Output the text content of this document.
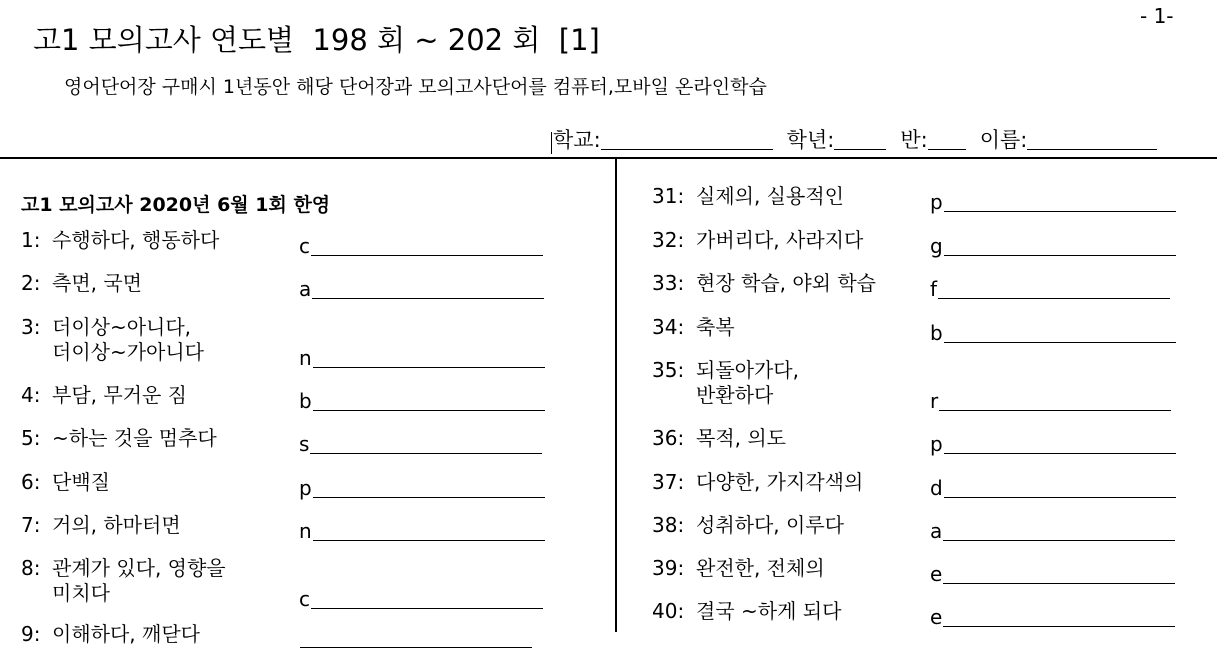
- 1-
고1 모의고사 연도별  198 회 ~ 202 회  [1]
영어단어장 구매시 1년동안 해당 단어장과 모의고사단어를 컴퓨터,모바일 온라인학습
학교:	학년:	반: 이름:
고1 모의고사 2020년 6월 1회 한영
1: 수행하다, 행동하다	c
2: 측면, 국면	a
3: 더이상~아니다,
더이상~가아니다	n
4: 부담, 무거운 짐	b
5: ~하는 것을 멈추다	s
6: 단백질	p
7: 거의, 하마터면	n
8: 관계가 있다, 영향을
미치다	c
9: 이해하다, 깨닫다
31: 실제의, 실용적인	p
32: 가버리다, 사라지다	g
33: 현장 학습, 야외 학습	f
34: 축복	b
35: 되돌아가다,
반환하다	r
36: 목적, 의도	p
37: 다양한, 가지각색의	d
38: 성취하다, 이루다	a
39: 완전한, 전체의	e
40: 결국 ~하게 되다	e
